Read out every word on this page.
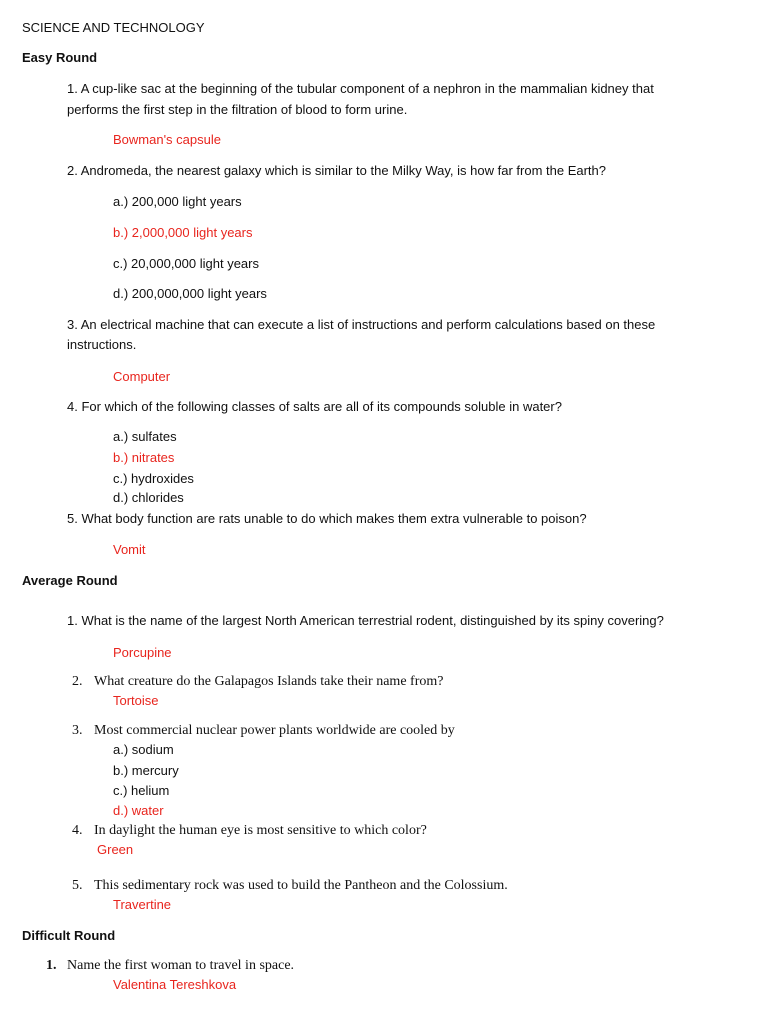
SCIENCE AND TECHNOLOGY
Easy Round
1. A cup-like sac at the beginning of the tubular component of a nephron in the mammalian kidney that
performs the first step in the filtration of blood to form urine.
Bowman's capsule
2. Andromeda, the nearest galaxy which is similar to the Milky Way, is how far from the Earth?
a.) 200,000 light years
b.) 2,000,000 light years
c.) 20,000,000 light years
d.) 200,000,000 light years
3. An electrical machine that can execute a list of instructions and perform calculations based on these
instructions.
Computer
4. For which of the following classes of salts are all of its compounds soluble in water?
a.) sulfates
b.) nitrates
c.) hydroxides
d.) chlorides
5. What body function are rats unable to do which makes them extra vulnerable to poison?
Vomit
Average Round
1. What is the name of the largest North American terrestrial rodent, distinguished by its spiny covering?
Porcupine
2. What creature do the Galapagos Islands take their name from?
Tortoise
3. Most commercial nuclear power plants worldwide are cooled by
a.) sodium
b.) mercury
c.) helium
d.) water
4. In daylight the human eye is most sensitive to which color?
Green
5. This sedimentary rock was used to build the Pantheon and the Colossium.
Travertine
Difficult Round
1. Name the first woman to travel in space.
Valentina Tereshkova
